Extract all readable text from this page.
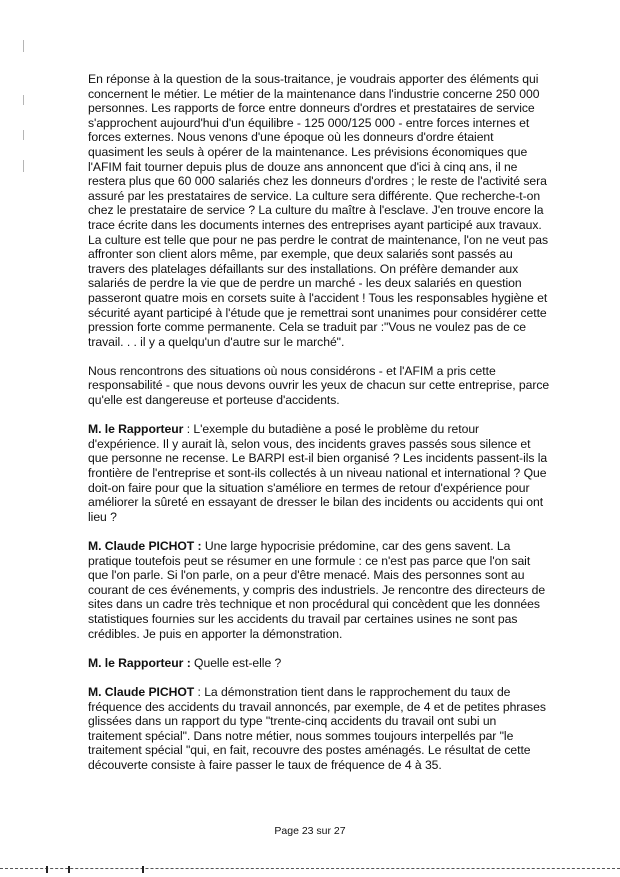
En réponse à la question de la sous-traitance, je voudrais apporter des éléments qui concernent le métier. Le métier de la maintenance dans l'industrie concerne 250 000 personnes. Les rapports de force entre donneurs d'ordres et prestataires de service s'approchent aujourd'hui d'un équilibre - 125 000/125 000 - entre forces internes et forces externes. Nous venons d'une époque où les donneurs d'ordre étaient quasiment les seuls à opérer de la maintenance. Les prévisions économiques que l'AFIM fait tourner depuis plus de douze ans annoncent que d'ici à cinq ans, il ne restera plus que 60 000 salariés chez les donneurs d'ordres ; le reste de l'activité sera assuré par les prestataires de service. La culture sera différente. Que recherche-t-on chez le prestataire de service ? La culture du maître à l'esclave. J'en trouve encore la trace écrite dans les documents internes des entreprises ayant participé aux travaux. La culture est telle que pour ne pas perdre le contrat de maintenance, l'on ne veut pas affronter son client alors même, par exemple, que deux salariés sont passés au travers des platelages défaillants sur des installations. On préfère demander aux salariés de perdre la vie que de perdre un marché - les deux salariés en question passeront quatre mois en corsets suite à l'accident ! Tous les responsables hygiène et sécurité ayant participé à l'étude que je remettrai sont unanimes pour considérer cette pression forte comme permanente. Cela se traduit par :"Vous ne voulez pas de ce travail. . . il y a quelqu'un d'autre sur le marché".

Nous rencontrons des situations où nous considérons - et l'AFIM a pris cette responsabilité - que nous devons ouvrir les yeux de chacun sur cette entreprise, parce qu'elle est dangereuse et porteuse d'accidents.

M. le Rapporteur : L'exemple du butadiène a posé le problème du retour d'expérience. Il y aurait là, selon vous, des incidents graves passés sous silence et que personne ne recense. Le BARPI est-il bien organisé ? Les incidents passent-ils la frontière de l'entreprise et sont-ils collectés à un niveau national et international ? Que doit-on faire pour que la situation s'améliore en termes de retour d'expérience pour améliorer la sûreté en essayant de dresser le bilan des incidents ou accidents qui ont lieu ?

M. Claude PICHOT : Une large hypocrisie prédomine, car des gens savent. La pratique toutefois peut se résumer en une formule : ce n'est pas parce que l'on sait que l'on parle. Si l'on parle, on a peur d'être menacé. Mais des personnes sont au courant de ces événements, y compris des industriels. Je rencontre des directeurs de sites dans un cadre très technique et non procédural qui concèdent que les données statistiques fournies sur les accidents du travail par certaines usines ne sont pas crédibles. Je puis en apporter la démonstration.

M. le Rapporteur : Quelle est-elle ?

M. Claude PICHOT : La démonstration tient dans le rapprochement du taux de fréquence des accidents du travail annoncés, par exemple, de 4 et de petites phrases glissées dans un rapport du type "trente-cinq accidents du travail ont subi un traitement spécial". Dans notre métier, nous sommes toujours interpellés par "le traitement spécial "qui, en fait, recouvre des postes aménagés. Le résultat de cette découverte consiste à faire passer le taux de fréquence de 4 à 35.

Page 23 sur 27
